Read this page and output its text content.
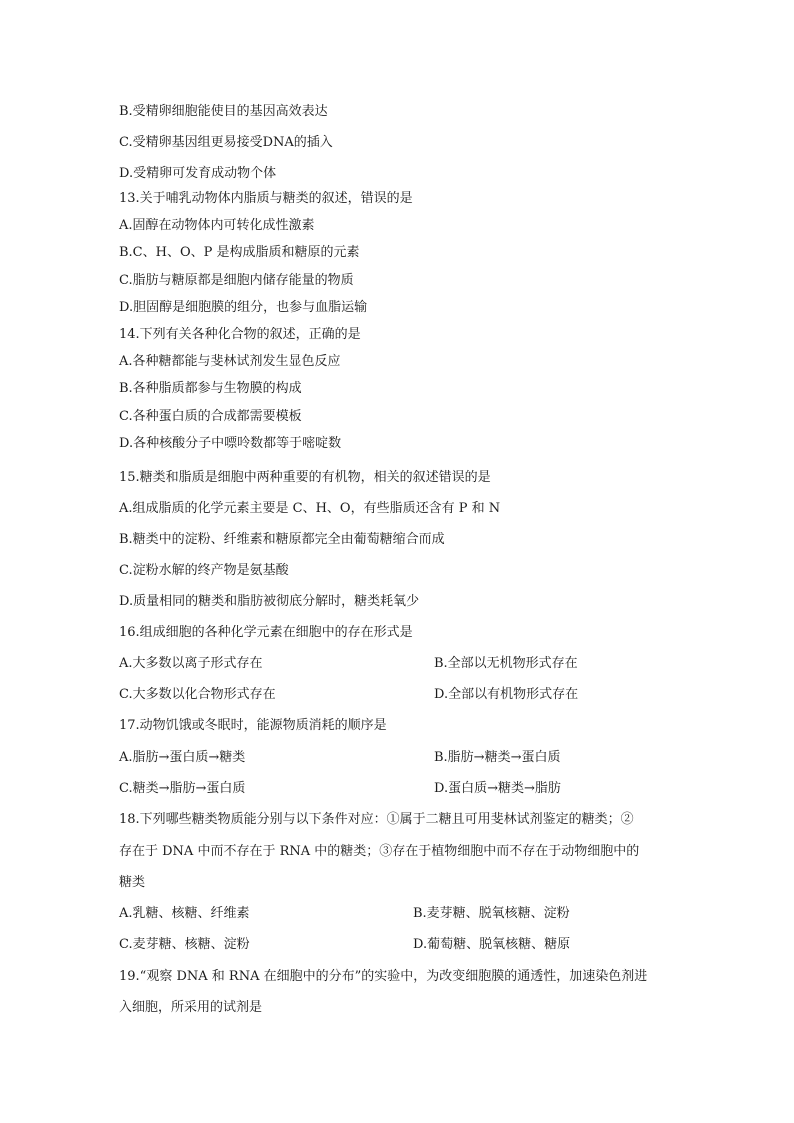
B.受精卵细胞能使目的基因高效表达
C.受精卵基因组更易接受DNA的插入
D.受精卵可发育成动物个体
13.关于哺乳动物体内脂质与糖类的叙述，错误的是
A.固醇在动物体内可转化成性激素
B.C、H、O、P 是构成脂质和糖原的元素
C.脂肪与糖原都是细胞内储存能量的物质
D.胆固醇是细胞膜的组分，也参与血脂运输
14.下列有关各种化合物的叙述，正确的是
A.各种糖都能与斐林试剂发生显色反应
B.各种脂质都参与生物膜的构成
C.各种蛋白质的合成都需要模板
D.各种核酸分子中嘌呤数都等于嘧啶数
15.糖类和脂质是细胞中两种重要的有机物，相关的叙述错误的是
A.组成脂质的化学元素主要是 C、H、O，有些脂质还含有 P 和 N
B.糖类中的淀粉、纤维素和糖原都完全由葡萄糖缩合而成
C.淀粉水解的终产物是氨基酸
D.质量相同的糖类和脂肪被彻底分解时，糖类耗氧少
16.组成细胞的各种化学元素在细胞中的存在形式是
A.大多数以离子形式存在	B.全部以无机物形式存在
C.大多数以化合物形式存在	D.全部以有机物形式存在
17.动物饥饿或冬眠时，能源物质消耗的顺序是
A.脂肪→蛋白质→糖类	B.脂肪→糖类→蛋白质
C.糖类→脂肪→蛋白质	D.蛋白质→糖类→脂肪
18.下列哪些糖类物质能分别与以下条件对应：①属于二糖且可用斐林试剂鉴定的糖类；②
存在于 DNA 中而不存在于 RNA 中的糖类；③存在于植物细胞中而不存在于动物细胞中的
糖类
A.乳糖、核糖、纤维素	B.麦芽糖、脱氧核糖、淀粉
C.麦芽糖、核糖、淀粉	D.葡萄糖、脱氧核糖、糖原
19.“观察 DNA 和 RNA 在细胞中的分布”的实验中，为改变细胞膜的通透性，加速染色剂进
入细胞，所采用的试剂是
